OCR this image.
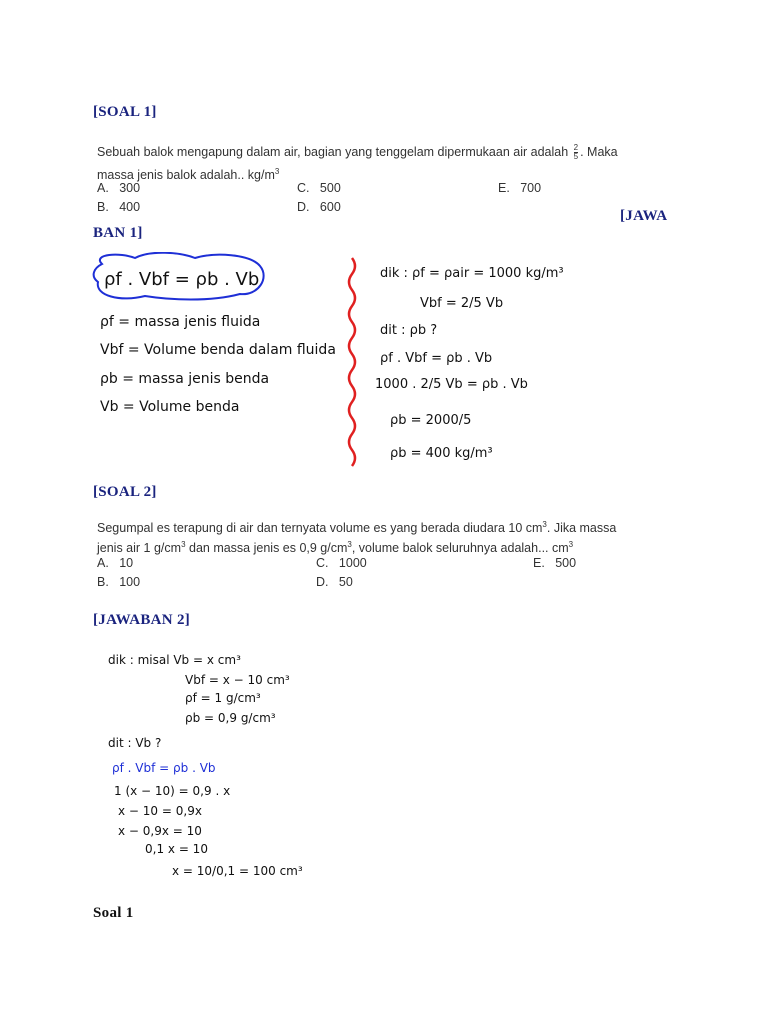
[SOAL 1]
Sebuah balok mengapung dalam air, bagian yang tenggelam dipermukaan air adalah $\frac{2}{5}$ . Maka
massa jenis balok adalah.. $kg/m^3$
A. 300
B. 400
C. 500
D. 600
E. 700
[JAWA
BAN 1]
ρf . Vbf = ρb . Vb
ρf = massa jenis fluida
Vbf = Volume benda dalam fluida
ρb = massa jenis benda
Vb = Volume benda
dik : ρf = ρair = 1000 kg/m³
Vbf = 2/5 Vb
dit : ρb ?
ρf . Vbf = ρb . Vb
1000 . 2/5 Vb = ρb . Vb
ρb = 2000/5
ρb = 400 kg/m³
[SOAL 2]
Segumpal es terapung di air dan ternyata volume es yang berada diudara 10 $cm^3$. Jika massa
jenis air 1 $g/cm^3$ dan massa jenis es 0,9 $g/cm^3$, volume balok seluruhnya adalah... $cm^3$
A. 10
B. 100
C. 1000
D. 50
E. 500
[JAWABAN 2]
dik : misal Vb = x cm³
Vbf = x − 10 cm³
ρf = 1 g/cm³
ρb = 0,9 g/cm³
dit : Vb ?
ρf . Vbf = ρb . Vb
1 (x − 10) = 0,9 . x
x − 10 = 0,9x
x − 0,9x = 10
0,1 x = 10
x = 10/0,1 = 100 cm³
Soal 1
